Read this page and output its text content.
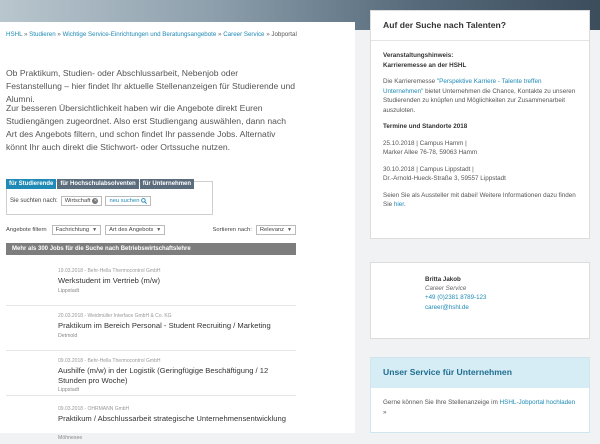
HSHL » Studieren » Wichtige Service-Einrichtungen und Beratungsangebote » Career Service » Jobportal

Ob Praktikum, Studien- oder Abschlussarbeit, Nebenjob oder Festanstellung – hier findet Ihr aktuelle Stellenanzeigen für Studierende und Alumni.

Zur besseren Übersichtlichkeit haben wir die Angebote direkt Euren Studiengängen zugeordnet. Also erst Studiengang auswählen, dann nach Art des Angebots filtern, und schon findet Ihr passende Jobs. Alternativ könnt Ihr auch direkt die Stichwort- oder Ortssuche nutzen.

für Studierende	für Hochschulabsolventen	für Unternehmen
Sie suchten nach: Wirtschaft × neu suchen
Angebote filtern Fachrichtung ▼ Art des Angebots ▼	Sortieren nach: Relevanz ▼
Mehr als 300 Jobs für die Suche nach Betriebswirtschaftslehre
19.03.2018 - Behr-Hella Thermocontrol GmbH
Werkstudent im Vertrieb (m/w)
Lippstadt
20.03.2018 - Weidmüller Interface GmbH & Co. KG
Praktikum im Bereich Personal - Student Recruiting / Marketing
Detmold
09.03.2018 - Behr-Hella Thermocontrol GmbH
Aushilfe (m/w) in der Logistik (Geringfügige Beschäftigung / 12 Stunden pro Woche)
Lippstadt
09.03.2018 - OHRMANN GmbH
Praktikum / Abschlussarbeit strategische Unternehmensentwicklung
Möhnesee
Auf der Suche nach Talenten?

Veranstaltungshinweis:
Karrieremesse an der HSHL

Die Karrieremesse "Perspektive Karriere - Talente treffen Unternehmen" bietet Unternehmen die Chance, Kontakte zu unseren Studierenden zu knüpfen und Möglichkeiten zur Zusammenarbeit auszuloten.

Termine und Standorte 2018

25.10.2018 | Campus Hamm |
Marker Allee 76-78, 59063 Hamm

30.10.2018 | Campus Lippstadt |
Dr.-Arnold-Hueck-Straße 3, 59557 Lippstadt

Seien Sie als Aussteller mit dabei! Weitere Informationen dazu finden Sie hier.

Britta Jakob
Career Service
+49 (0)2381 8789-123
career@hshl.de
Unser Service für Unternehmen
Gerne können Sie Ihre Stellenanzeige im HSHL-Jobportal hochladen »
